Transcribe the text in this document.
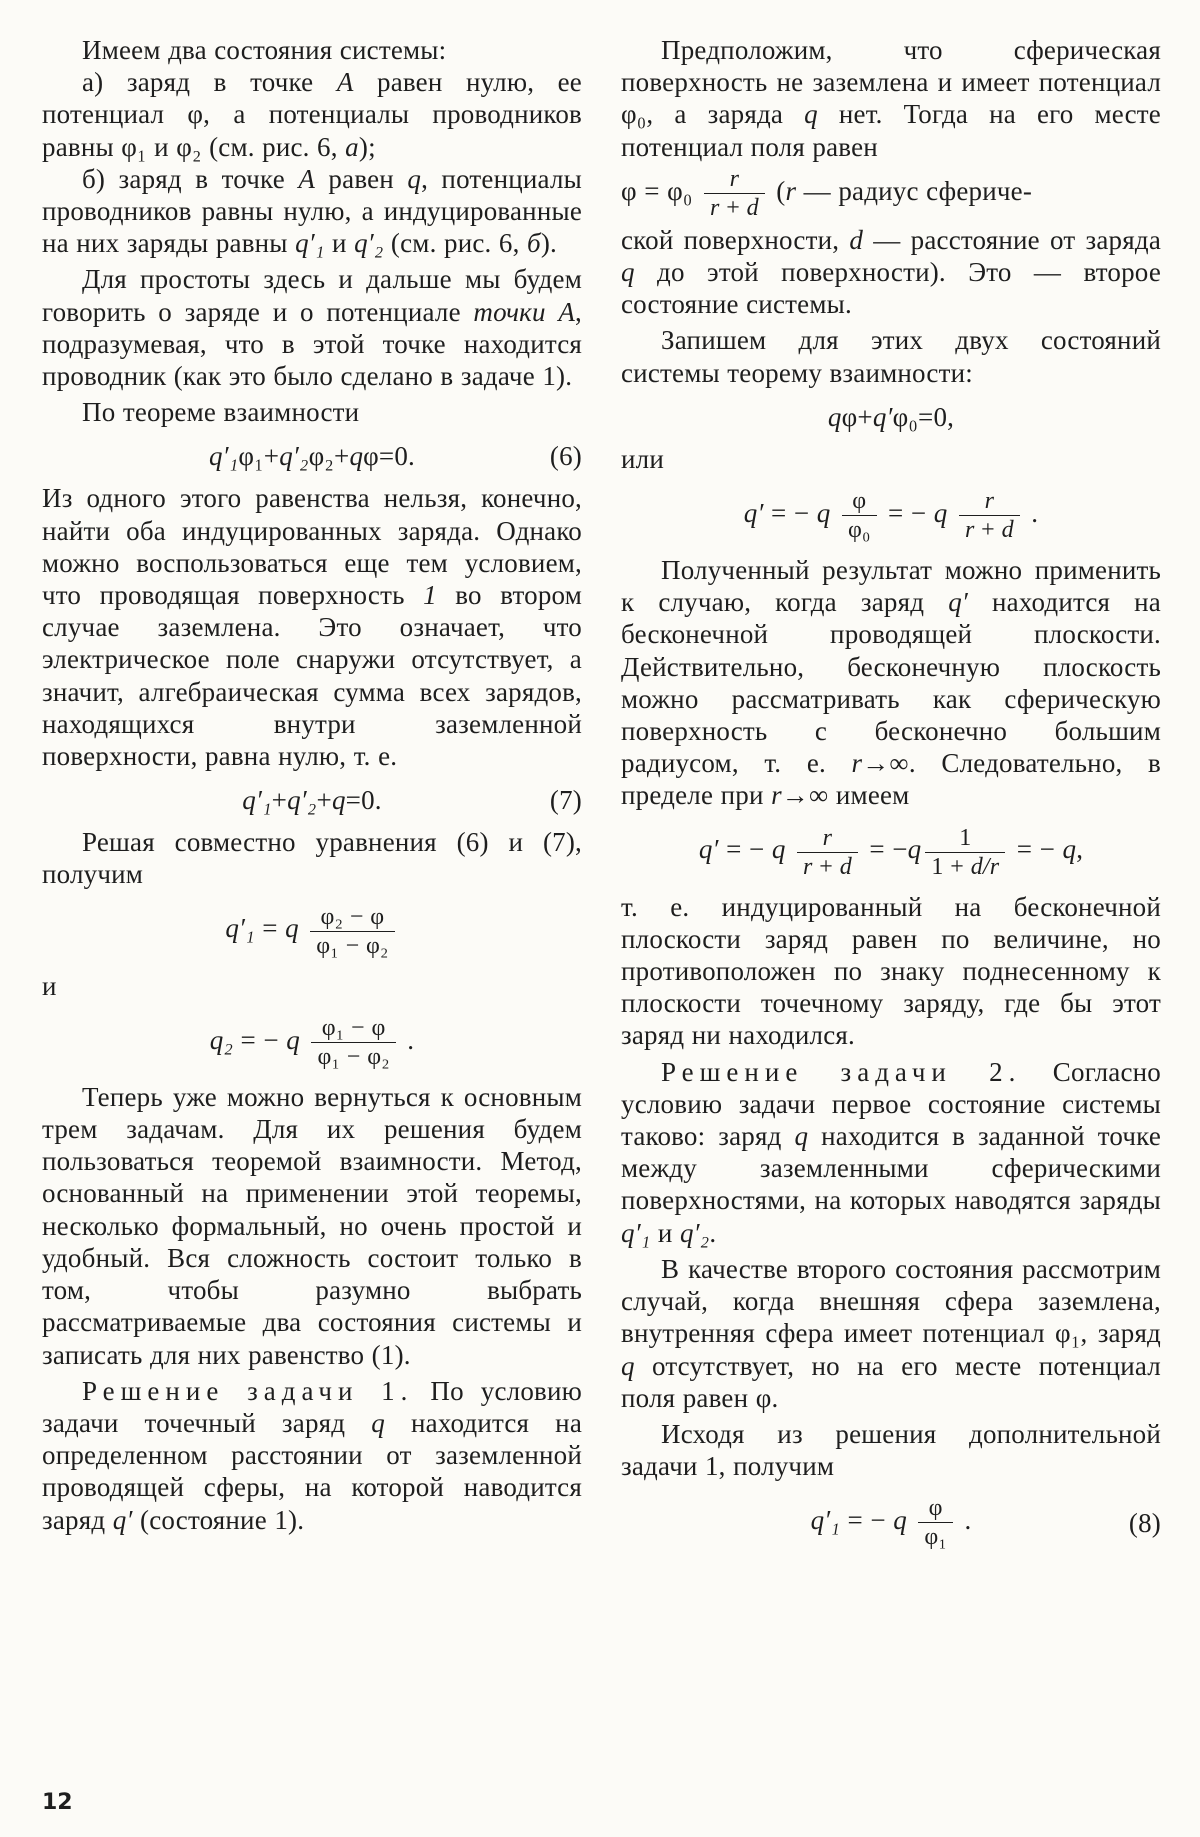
Имеем два состояния системы:

а) заряд в точке A равен нулю, ее потенциал φ, а потенциалы проводников равны φ₁ и φ₂ (см. рис. 6, а);

б) заряд в точке A равен q, потенциалы проводников равны нулю, а индуцированные на них заряды равны q′₁ и q′₂ (см. рис. 6, б).

Для простоты здесь и дальше мы будем говорить о заряде и о потенциале точки A, подразумевая, что в этой точке находится проводник (как это было сделано в задаче 1).

По теореме взаимности

q′₁φ₁+q′₂φ₂+qφ=0.	(6)

Из одного этого равенства нельзя, конечно, найти оба индуцированных заряда. Однако можно воспользоваться еще тем условием, что проводящая поверхность 1 во втором случае заземлена. Это означает, что электрическое поле снаружи отсутствует, а значит, алгебраическая сумма всех зарядов, находящихся внутри заземленной поверхности, равна нулю, т. е.

q′₁+q′₂+q=0.	(7)

Решая совместно уравнения (6) и (7), получим

q′₁ = q $\frac{\text{φ₂ − φ}}{\text{φ₁ − φ₂}}$
и
q₂ = − q $\frac{\text{φ₁ − φ}}{\text{φ₁ − φ₂}}$ .

Теперь уже можно вернуться к основным трем задачам. Для их решения будем пользоваться теоремой взаимности. Метод, основанный на применении этой теоремы, несколько формальный, но очень простой и удобный. Вся сложность состоит только в том, чтобы разумно выбрать рассматриваемые два состояния системы и записать для них равенство (1).

Решение задачи 1. По условию задачи точечный заряд q находится на определенном расстоянии от заземленной проводящей сферы, на которой наводится заряд q′ (состояние 1).

Предположим, что сферическая поверхность не заземлена и имеет потенциал φ₀, а заряда q нет. Тогда на его месте потенциал поля равен

$\varphi = \varphi_0 \frac{r}{r + d} (r$ — радиус сфериче-

ской поверхности, d — расстояние от заряда q до этой поверхности). Это — второе состояние системы.

Запишем для этих двух состояний системы теорему взаимности:

qφ+q′φ₀=0,
или
q′ = − q $\frac{\varphi}{\text{φ₀}}$ = − q $\frac{r}{r + d}$ .

Полученный результат можно применить к случаю, когда заряд q′ находится на бесконечной проводящей плоскости. Действительно, бесконечную плоскость можно рассматривать как сферическую поверхность с бесконечно большим радиусом, т. е. r→∞. Следовательно, в пределе при r→∞ имеем

q′ = − q $\frac{r}{r + d} = -q \frac{1}{1 + d/r}$ = − q,

т. е. индуцированный на бесконечной плоскости заряд равен по величине, но противоположен по знаку поднесенному к плоскости точечному заряду, где бы этот заряд ни находился.

Решение задачи 2. Согласно условию задачи первое состояние системы таково: заряд q находится в заданной точке между заземленными сферическими поверхностями, на которых наводятся заряды q′₁ и q′₂.

В качестве второго состояния рассмотрим случай, когда внешняя сфера заземлена, внутренняя сфера имеет потенциал φ₁, заряд q отсутствует, но на его месте потенциал поля равен φ.

Исходя из решения дополнительной задачи 1, получим

q′₁ = − q $\frac{\varphi}{\text{φ₁}}$ .	(8)
12
